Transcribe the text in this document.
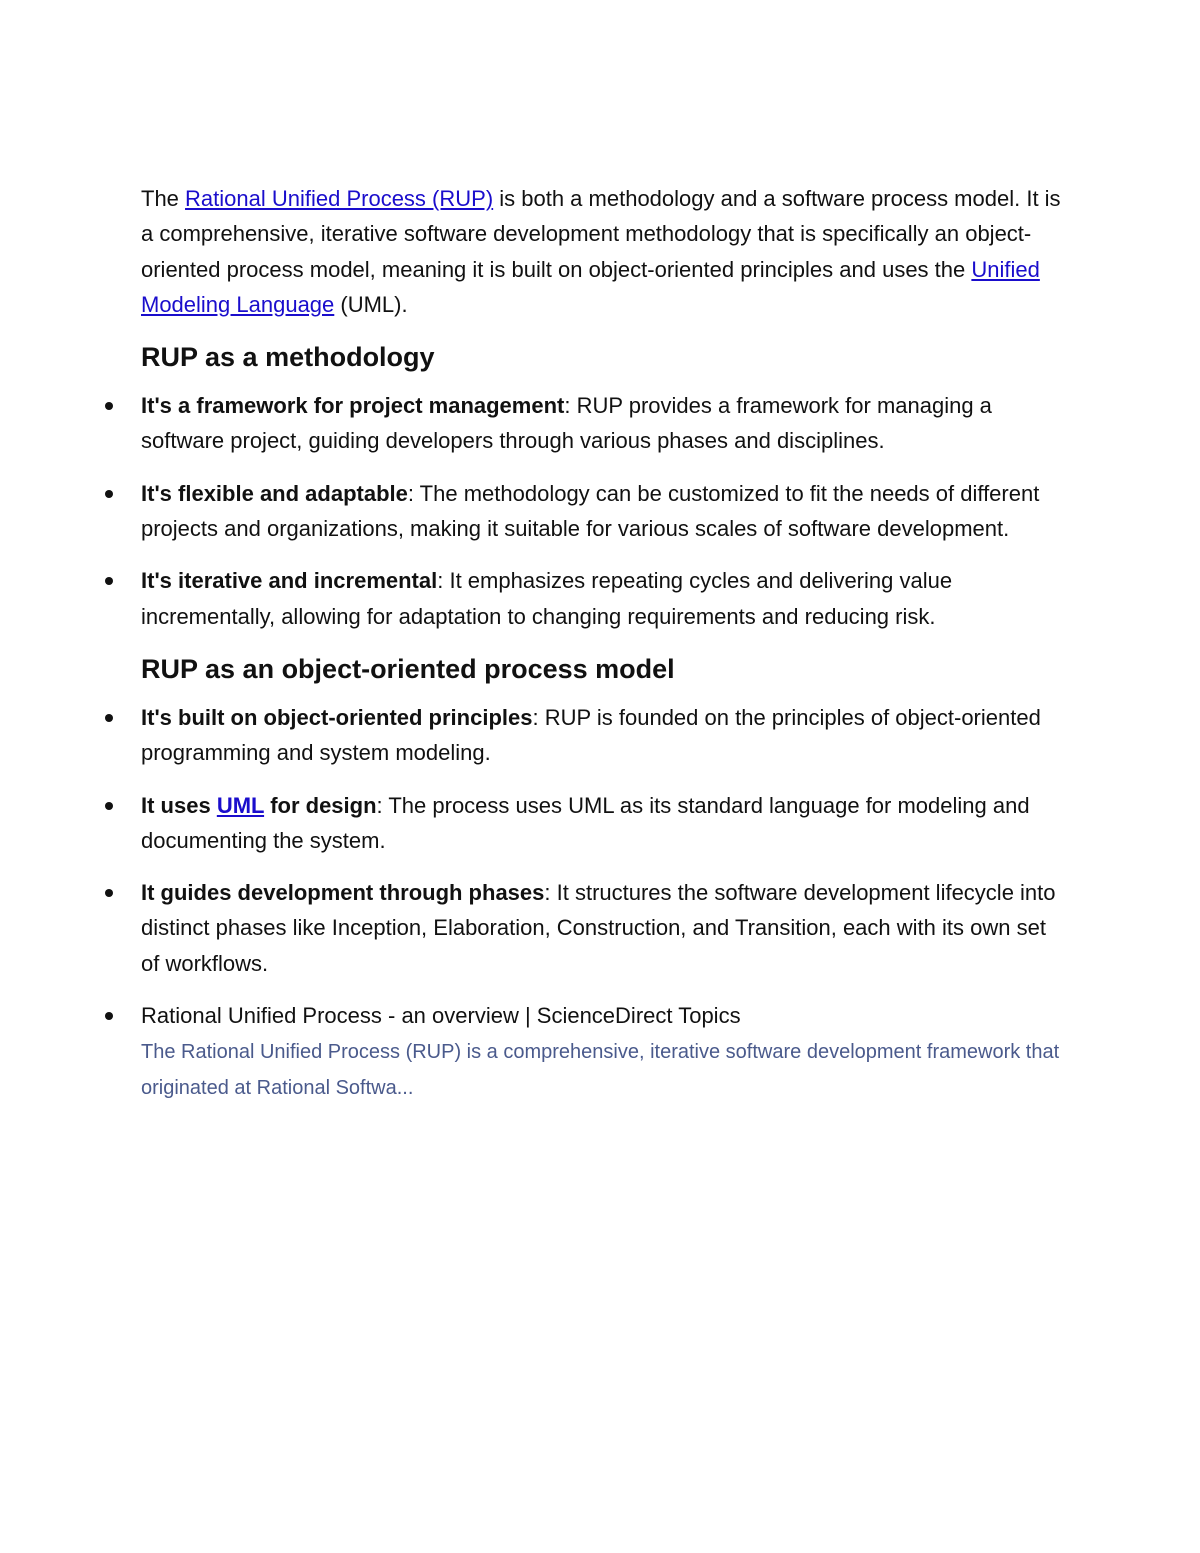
The Rational Unified Process (RUP) is both a methodology and a software process model. It is a comprehensive, iterative software development methodology that is specifically an object-oriented process model, meaning it is built on object-oriented principles and uses the Unified Modeling Language (UML).

RUP as a methodology
It's a framework for project management: RUP provides a framework for managing a software project, guiding developers through various phases and disciplines.
It's flexible and adaptable: The methodology can be customized to fit the needs of different projects and organizations, making it suitable for various scales of software development.
It's iterative and incremental: It emphasizes repeating cycles and delivering value incrementally, allowing for adaptation to changing requirements and reducing risk.
RUP as an object-oriented process model
It's built on object-oriented principles: RUP is founded on the principles of object-oriented programming and system modeling.
It uses UML for design: The process uses UML as its standard language for modeling and documenting the system.
It guides development through phases: It structures the software development lifecycle into distinct phases like Inception, Elaboration, Construction, and Transition, each with its own set of workflows.
Rational Unified Process - an overview | ScienceDirect Topics
The Rational Unified Process (RUP) is a comprehensive, iterative software development framework that originated at Rational Softwa...
